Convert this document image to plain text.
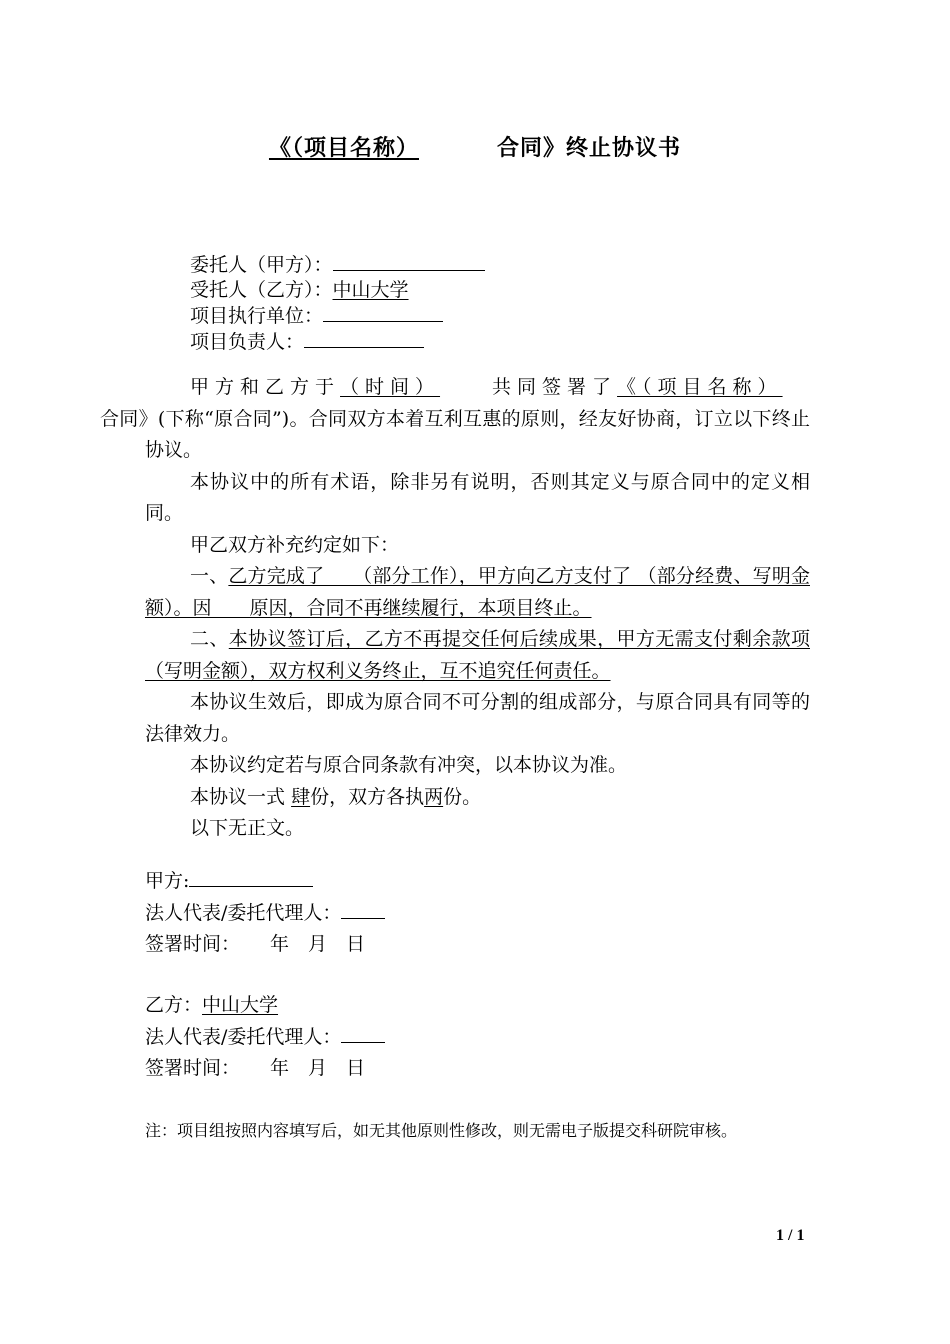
《（项目名称）	合同》终止协议书
委托人（甲方）：
受托人（乙方）：中山大学
项目执行单位：
项目负责人：

甲方和乙方于（时间）	共同签署了《（项目名称）
合同》(下称“原合同”)。合同双方本着互利互惠的原则，经友好协商，订立以下终止协议。

本协议中的所有术语，除非另有说明，否则其定义与原合同中的定义相同。

甲乙双方补充约定如下：

一、乙方完成了　　（部分工作），甲方向乙方支付了 （部分经费、写明金额）。因　　原因，合同不再继续履行，本项目终止。

二、本协议签订后，乙方不再提交任何后续成果，甲方无需支付剩余款项（写明金额），双方权利义务终止，互不追究任何责任。

本协议生效后，即成为原合同不可分割的组成部分，与原合同具有同等的法律效力。

本协议约定若与原合同条款有冲突，以本协议为准。

本协议一式 肆份，双方各执两份。

以下无正文。

甲方:
法人代表/委托代理人：
签署时间： 年　月　日
乙方：中山大学
法人代表/委托代理人：
签署时间： 年　月　日
注：项目组按照内容填写后，如无其他原则性修改，则无需电子版提交科研院审核。
1 / 1
